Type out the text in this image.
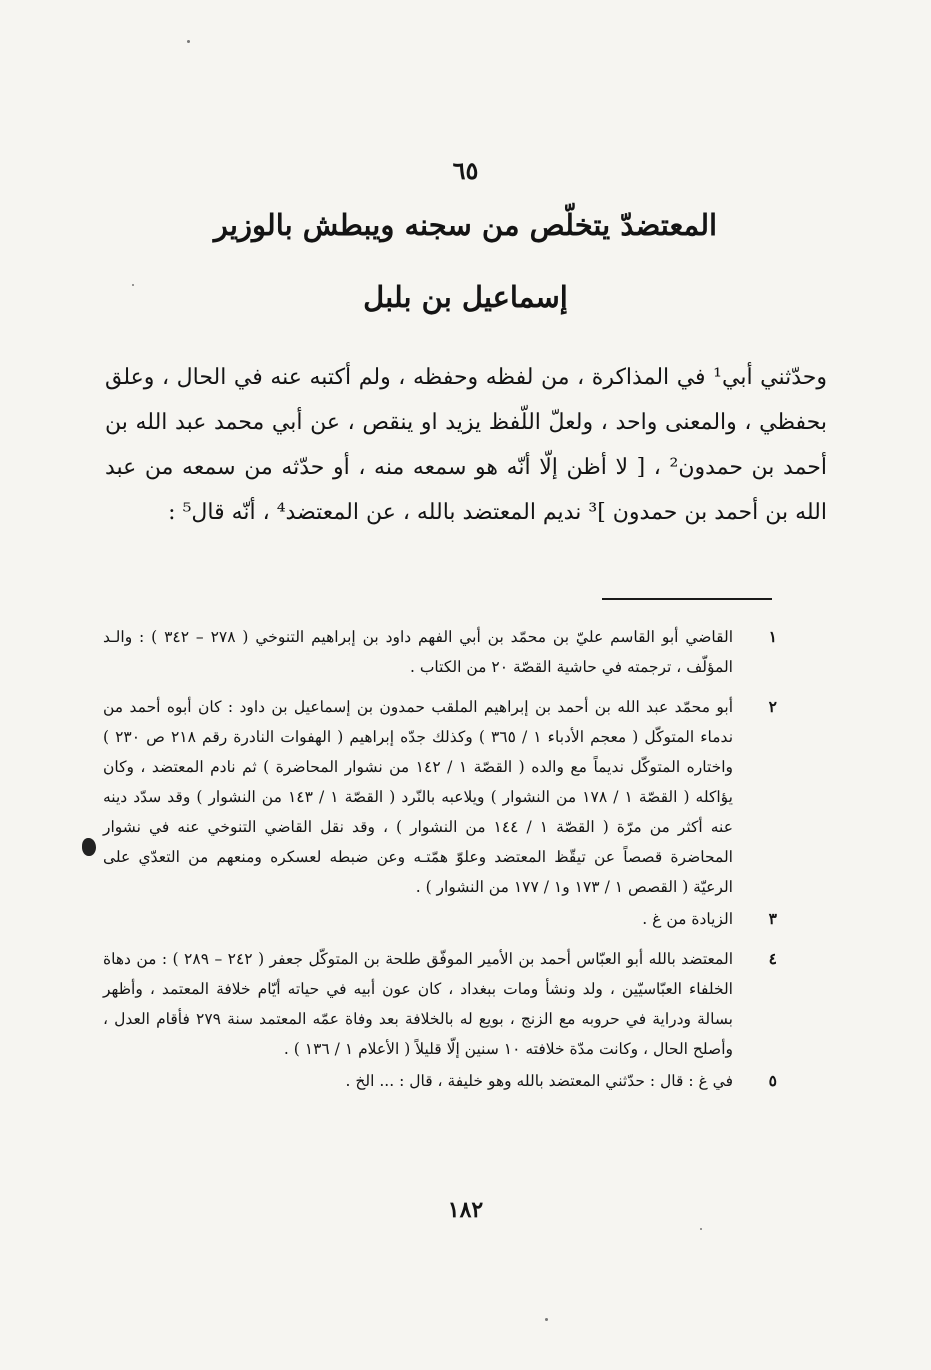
٦٥
المعتضدّ يتخلّص من سجنه ويبطش بالوزير
إسماعيل بن بلبل

وحدّثني أبي¹ في المذاكرة ، من لفظه وحفظه ، ولم أكتبه عنه في الحال ، وعلق بحفظي ، والمعنى واحد ، ولعلّ اللّفظ يزيد او ينقص ، عن أبي محمد عبد الله بن أحمد بن حمدون² ، [ لا أظن إلّا أنّه هو سمعه منه ، أو حدّثه من سمعه من عبد الله بن أحمد بن حمدون ]³ نديم المعتضد بالله ، عن المعتضد⁴ ، أنّه قال⁵ :

١
القاضي أبو القاسم عليّ بن محمّد بن أبي الفهم داود بن إبراهيم التنوخي ( ٢٧٨ – ٣٤٢ ) : والـد المؤلّف ، ترجمته في حاشية القصّة ٢٠ من الكتاب .
٢
أبو محمّد عبد الله بن أحمد بن إبراهيم الملقب حمدون بن إسماعيل بن داود : كان أبوه أحمد من ندماء المتوكّل ( معجم الأدباء ١ / ٣٦٥ ) وكذلك جدّه إبراهيم ( الهفوات النادرة رقم ٢١٨ ص ٢٣٠ ) واختاره المتوكّل نديماً مع والده ( القصّة ١ / ١٤٢ من نشوار المحاضرة ) ثم نادم المعتضد ، وكان يؤاكله ( القصّة ١ / ١٧٨ من النشوار ) ويلاعبه بالنّرد ( القصّة ١ / ١٤٣ من النشوار ) وقد سدّد دينه عنه أكثر من مرّة ( القصّة ١ / ١٤٤ من النشوار ) ، وقد نقل القاضي التنوخي عنه في نشوار المحاضرة قصصاً عن تيقّظ المعتضد وعلوّ همّتـه وعن ضبطه لعسكره ومنعهم من التعدّي على الرعيّة ( القصص ١ / ١٧٣ و١ / ١٧٧ من النشوار ) .
٣
الزيادة من غ .
٤
المعتضد بالله أبو العبّاس أحمد بن الأمير الموفّق طلحة بن المتوكّل جعفر ( ٢٤٢ – ٢٨٩ ) : من دهاة الخلفاء العبّاسيّين ، ولد ونشأ ومات ببغداد ، كان عون أبيه في حياته أيّام خلافة المعتمد ، وأظهر بسالة ودراية في حروبه مع الزنج ، بويع له بالخلافة بعد وفاة عمّه المعتمد سنة ٢٧٩ فأقام العدل ، وأصلح الحال ، وكانت مدّة خلافته ١٠ سنين إلّا قليلاً ( الأعلام ١ / ١٣٦ ) .
٥
في غ : قال : حدّثني المعتضد بالله وهو خليفة ، قال : ... الخ .
١٨٢
